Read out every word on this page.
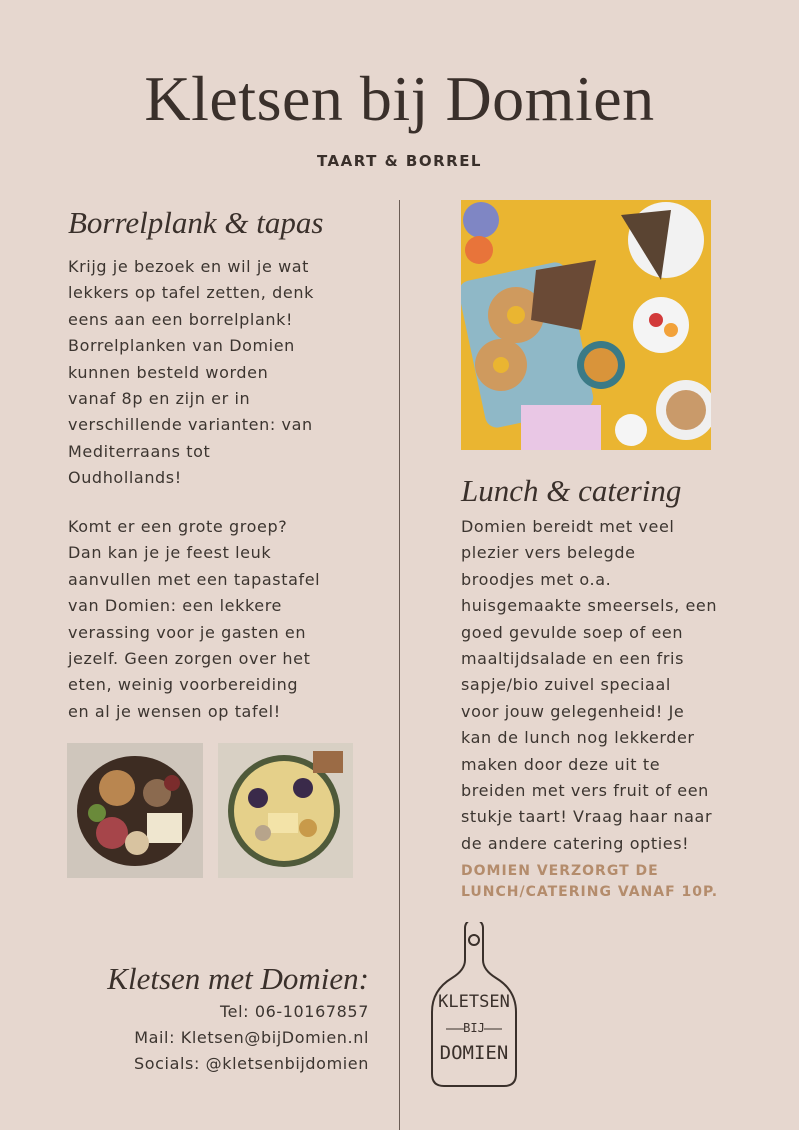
Kletsen bij Domien
TAART & BORREL
Borrelplank & tapas

Krijg je bezoek en wil je wat
lekkers op tafel zetten, denk
eens aan een borrelplank!
Borrelplanken van Domien
kunnen besteld worden
vanaf 8p en zijn er in
verschillende varianten: van
Mediterraans tot
Oudhollands!

Komt er een grote groep?
Dan kan je je feest leuk
aanvullen met een tapastafel
van Domien: een lekkere
verassing voor je gasten en
jezelf. Geen zorgen over het
eten, weinig voorbereiding
en al je wensen op tafel!

Lunch & catering

Domien bereidt met veel
plezier vers belegde
broodjes met o.a.
huisgemaakte smeersels, een
goed gevulde soep of een
maaltijdsalade en een fris
sapje/bio zuivel speciaal
voor jouw gelegenheid! Je
kan de lunch nog lekkerder
maken door deze uit te
breiden met vers fruit of een
stukje taart! Vraag haar naar
de andere catering opties!

DOMIEN VERZORGT DE
LUNCH/CATERING VANAF 10P.
Kletsen met Domien:
Tel: 06-10167857
Mail: Kletsen@bijDomien.nl
Socials: @kletsenbijdomien
KLETSEN
BIJ
DOMIEN
